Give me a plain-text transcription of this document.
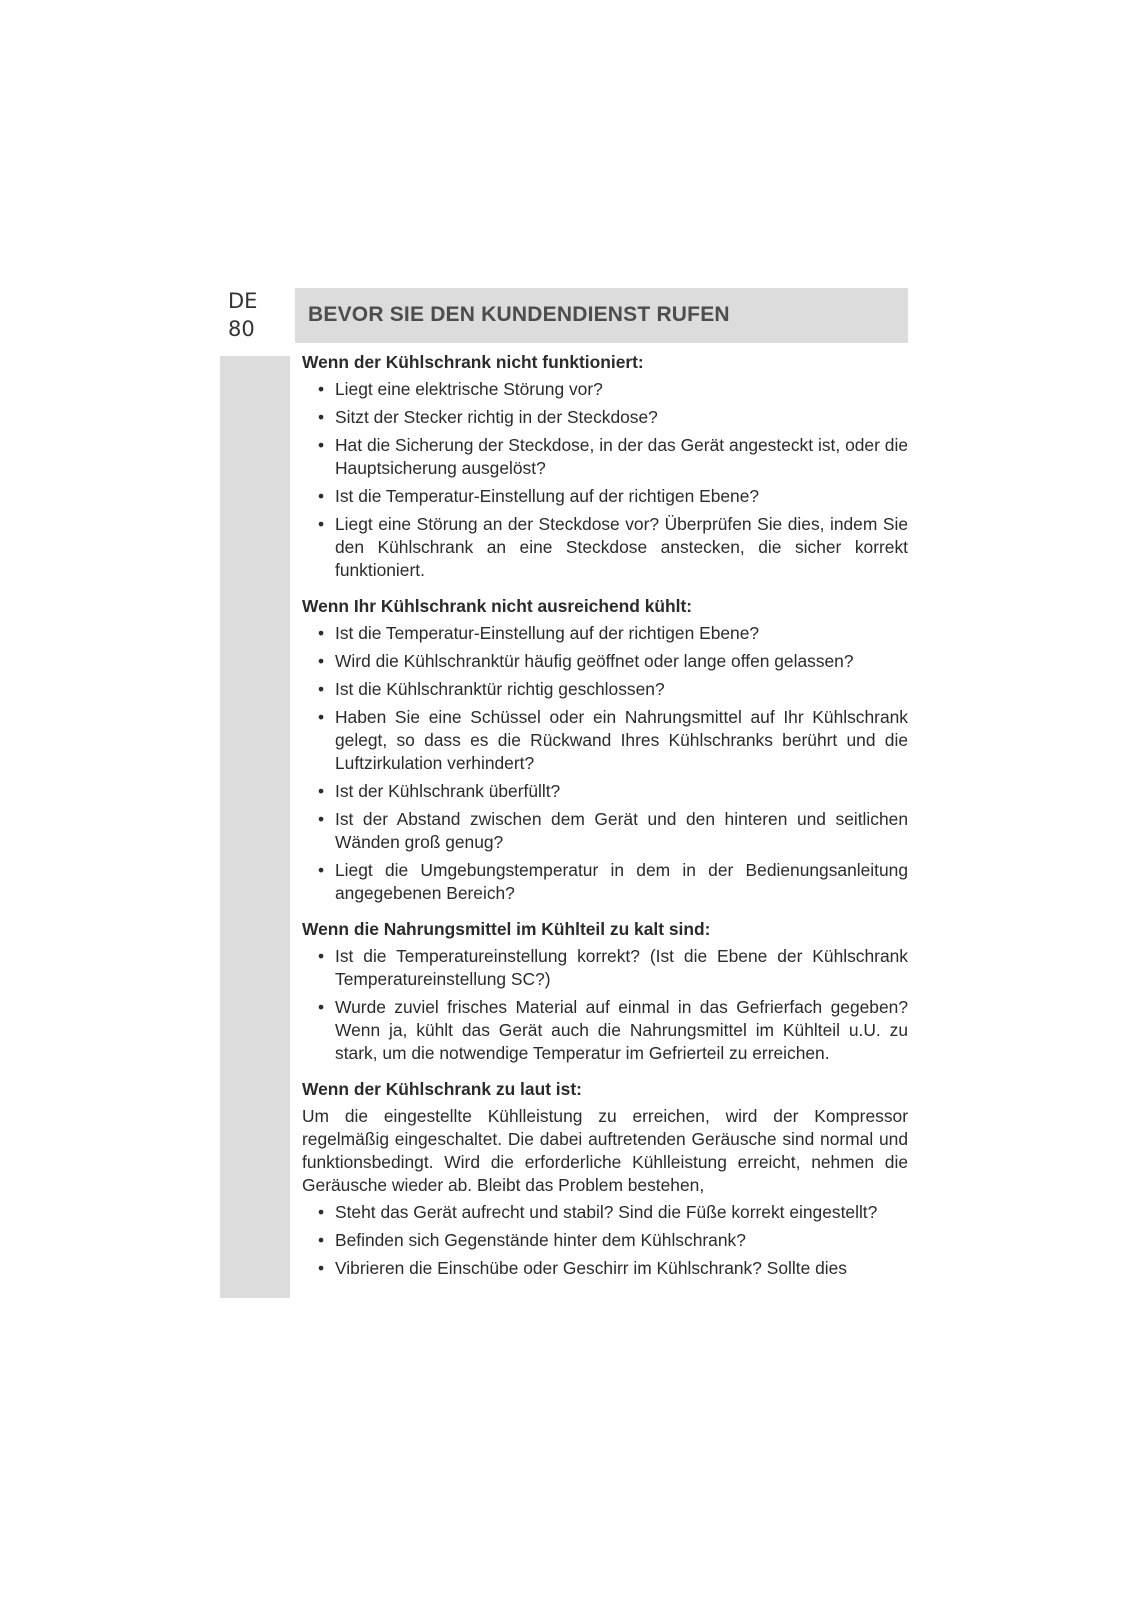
DE
80
BEVOR SIE DEN KUNDENDIENST RUFEN
Wenn der Kühlschrank nicht funktioniert:
• Liegt eine elektrische Störung vor?
• Sitzt der Stecker richtig in der Steckdose?
• Hat die Sicherung der Steckdose, in der das Gerät angesteckt ist, oder die Hauptsicherung ausgelöst?
• Ist die Temperatur-Einstellung auf der richtigen Ebene?
• Liegt eine Störung an der Steckdose vor? Überprüfen Sie dies, indem Sie den Kühlschrank an eine Steckdose anstecken, die sicher korrekt funktioniert.
Wenn Ihr Kühlschrank nicht ausreichend kühlt:
• Ist die Temperatur-Einstellung auf der richtigen Ebene?
• Wird die Kühlschranktür häufig geöffnet oder lange offen gelassen?
• Ist die Kühlschranktür richtig geschlossen?
• Haben Sie eine Schüssel oder ein Nahrungsmittel auf Ihr Kühlschrank gelegt, so dass es die Rückwand Ihres Kühlschranks berührt und die Luftzirkulation verhindert?
• Ist der Kühlschrank überfüllt?
• Ist der Abstand zwischen dem Gerät und den hinteren und seitlichen Wänden groß genug?
• Liegt die Umgebungstemperatur in dem in der Bedienungsanleitung angegebenen Bereich?
Wenn die Nahrungsmittel im Kühlteil zu kalt sind:
• Ist die Temperatureinstellung korrekt? (Ist die Ebene der Kühlschrank Temperatureinstellung SC?)
• Wurde zuviel frisches Material auf einmal in das Gefrierfach gegeben? Wenn ja, kühlt das Gerät auch die Nahrungsmittel im Kühlteil u.U. zu stark, um die notwendige Temperatur im Gefrierteil zu erreichen.
Wenn der Kühlschrank zu laut ist:
Um die eingestellte Kühlleistung zu erreichen, wird der Kompressor regelmäßig eingeschaltet. Die dabei auftretenden Geräusche sind normal und funktionsbedingt. Wird die erforderliche Kühlleistung erreicht, nehmen die Geräusche wieder ab. Bleibt das Problem bestehen,
• Steht das Gerät aufrecht und stabil? Sind die Füße korrekt eingestellt?
• Befinden sich Gegenstände hinter dem Kühlschrank?
• Vibrieren die Einschübe oder Geschirr im Kühlschrank? Sollte dies
